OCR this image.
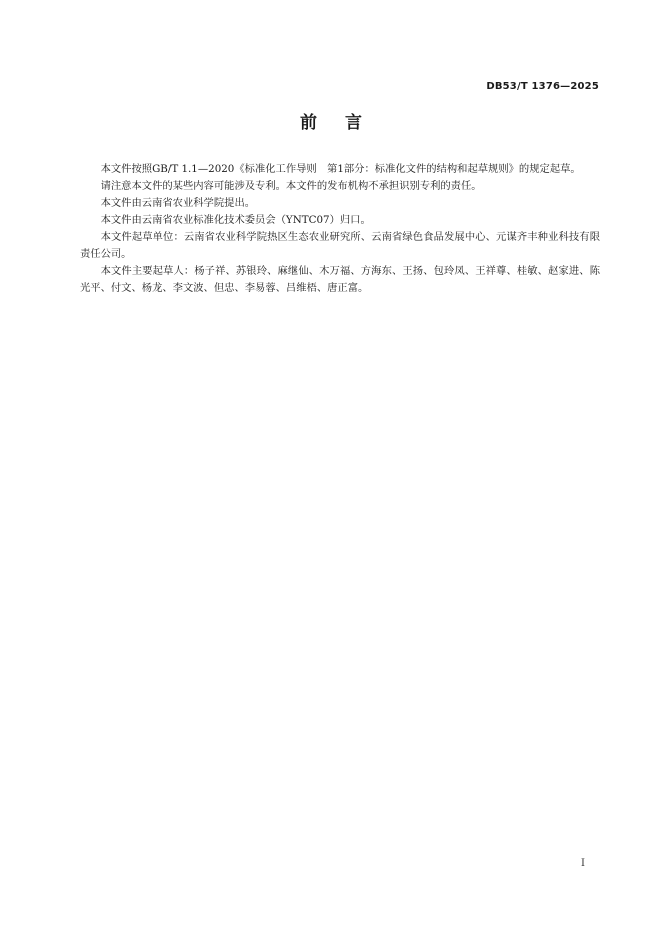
DB53/T 1376—2025
前言

本文件按照GB/T 1.1—2020《标准化工作导则　第1部分：标准化文件的结构和起草规则》的规定起草。

请注意本文件的某些内容可能涉及专利。本文件的发布机构不承担识别专利的责任。

本文件由云南省农业科学院提出。

本文件由云南省农业标准化技术委员会（YNTC07）归口。

本文件起草单位：云南省农业科学院热区生态农业研究所、云南省绿色食品发展中心、元谋齐丰种业科技有限责任公司。

本文件主要起草人：杨子祥、苏银玲、麻继仙、木万福、方海东、王扬、包玲凤、王祥尊、桂敏、赵家进、陈光平、付文、杨龙、李文波、但忠、李易蓉、吕维梧、唐正富。

I
